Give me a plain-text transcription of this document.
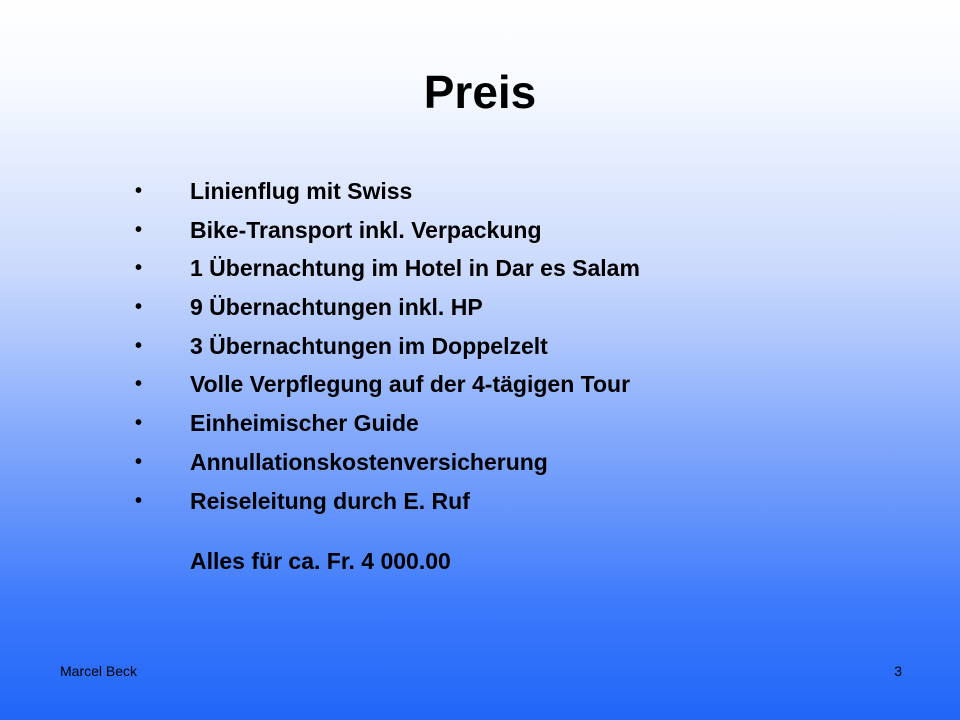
Preis
• Linienflug mit Swiss
• Bike-Transport inkl. Verpackung
• 1 Übernachtung im Hotel in Dar es Salam
• 9 Übernachtungen inkl. HP
• 3 Übernachtungen im Doppelzelt
• Volle Verpflegung auf der 4-tägigen Tour
• Einheimischer Guide
• Annullationskostenversicherung
• Reiseleitung durch E. Ruf
Alles für ca. Fr. 4 000.00
Marcel Beck	3
